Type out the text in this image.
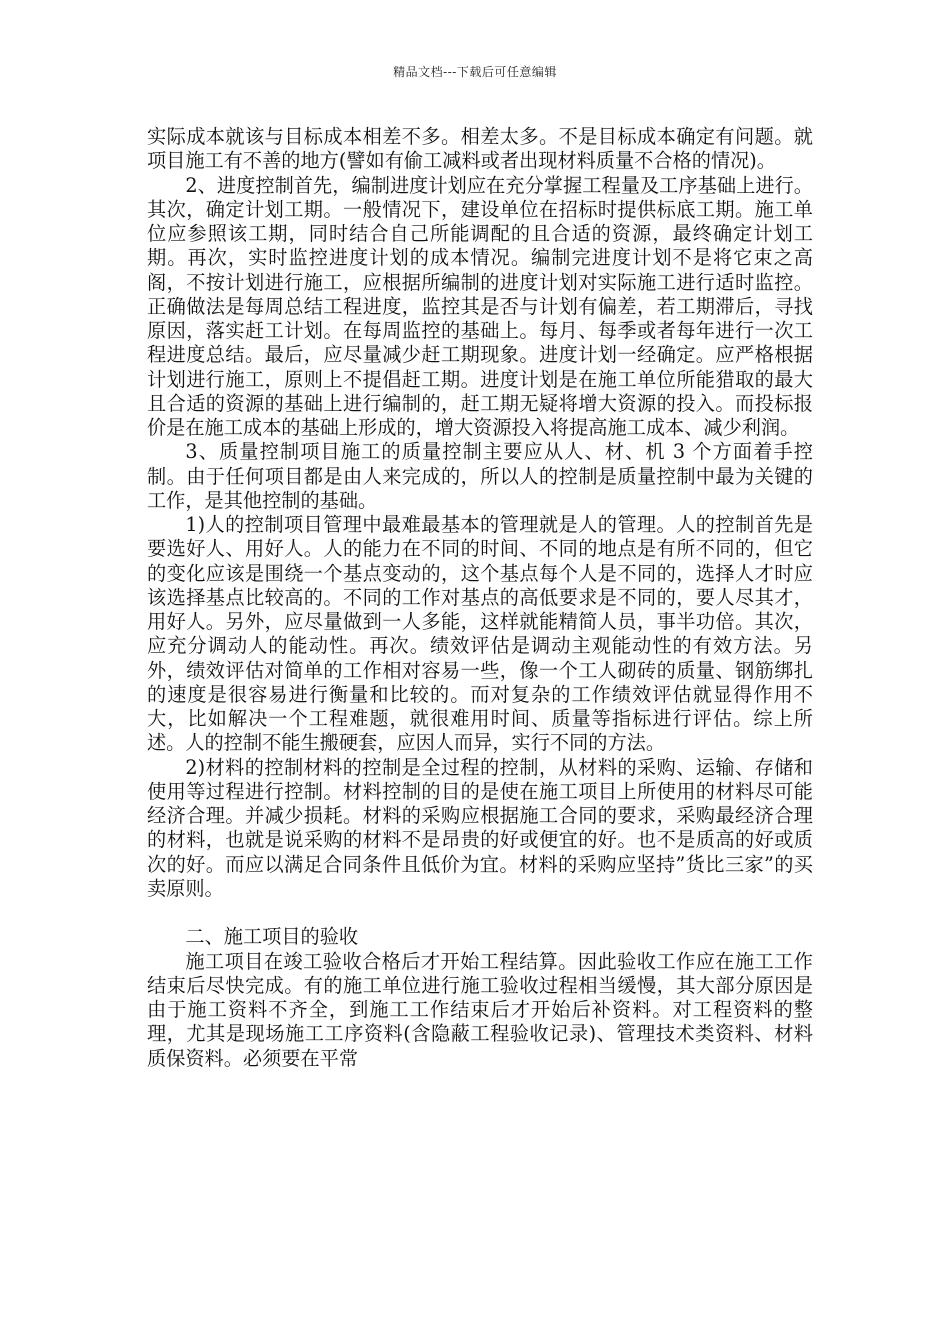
精品文档---下载后可任意编辑

实际成本就该与目标成本相差不多。相差太多。不是目标成本确定有问题。就项目施工有不善的地方(譬如有偷工减料或者出现材料质量不合格的情况)。

2、进度控制首先，编制进度计划应在充分掌握工程量及工序基础上进行。其次，确定计划工期。一般情况下，建设单位在招标时提供标底工期。施工单位应参照该工期，同时结合自己所能调配的且合适的资源，最终确定计划工期。再次，实时监控进度计划的成本情况。编制完进度计划不是将它束之高阁，不按计划进行施工，应根据所编制的进度计划对实际施工进行适时监控。正确做法是每周总结工程进度，监控其是否与计划有偏差，若工期滞后，寻找原因，落实赶工计划。在每周监控的基础上。每月、每季或者每年进行一次工程进度总结。最后，应尽量减少赶工期现象。进度计划一经确定。应严格根据计划进行施工，原则上不提倡赶工期。进度计划是在施工单位所能猎取的最大且合适的资源的基础上进行编制的，赶工期无疑将增大资源的投入。而投标报价是在施工成本的基础上形成的，增大资源投入将提高施工成本、减少利润。

3、质量控制项目施工的质量控制主要应从人、材、机 3 个方面着手控制。由于任何项目都是由人来完成的，所以人的控制是质量控制中最为关键的工作，是其他控制的基础。

1)人的控制项目管理中最难最基本的管理就是人的管理。人的控制首先是要选好人、用好人。人的能力在不同的时间、不同的地点是有所不同的，但它的变化应该是围绕一个基点变动的，这个基点每个人是不同的，选择人才时应该选择基点比较高的。不同的工作对基点的高低要求是不同的，要人尽其才，用好人。另外，应尽量做到一人多能，这样就能精简人员，事半功倍。其次，应充分调动人的能动性。再次。绩效评估是调动主观能动性的有效方法。另外，绩效评估对简单的工作相对容易一些，像一个工人砌砖的质量、钢筋绑扎的速度是很容易进行衡量和比较的。而对复杂的工作绩效评估就显得作用不大，比如解决一个工程难题，就很难用时间、质量等指标进行评估。综上所述。人的控制不能生搬硬套，应因人而异，实行不同的方法。

2)材料的控制材料的控制是全过程的控制，从材料的采购、运输、存储和使用等过程进行控制。材料控制的目的是使在施工项目上所使用的材料尽可能经济合理。并减少损耗。材料的采购应根据施工合同的要求，采购最经济合理的材料，也就是说采购的材料不是昂贵的好或便宜的好。也不是质高的好或质次的好。而应以满足合同条件且低价为宜。材料的采购应坚持”货比三家”的买卖原则。

二、施工项目的验收

施工项目在竣工验收合格后才开始工程结算。因此验收工作应在施工工作结束后尽快完成。有的施工单位进行施工验收过程相当缓慢，其大部分原因是由于施工资料不齐全，到施工工作结束后才开始后补资料。对工程资料的整理，尤其是现场施工工序资料(含隐蔽工程验收记录)、管理技术类资料、材料质保资料。必须要在平常
